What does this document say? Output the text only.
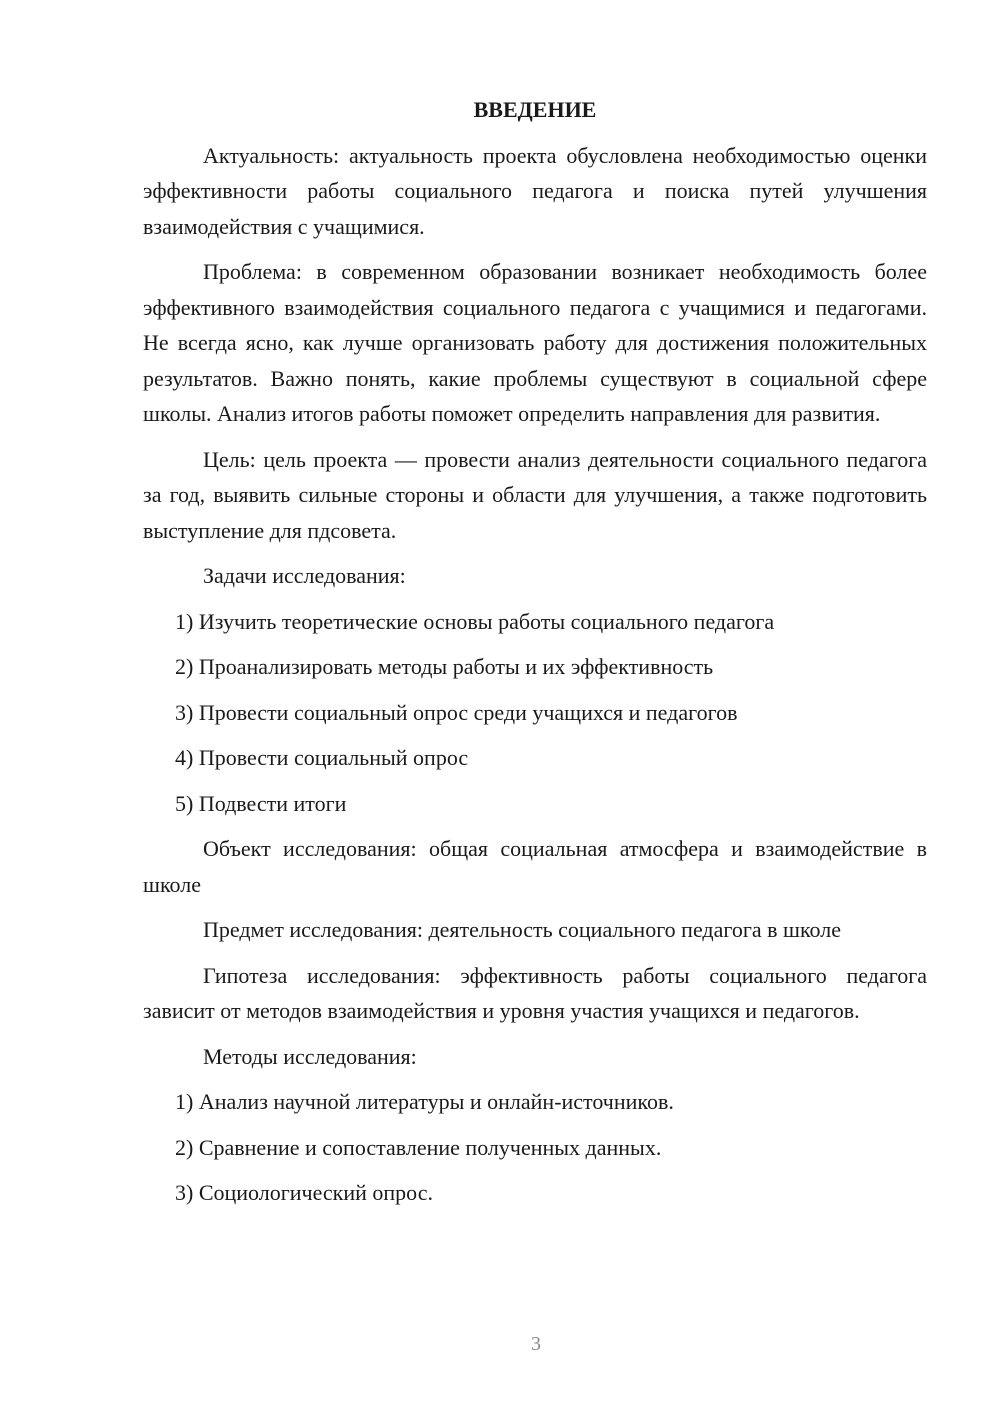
ВВЕДЕНИЕ

Актуальность: актуальность проекта обусловлена необходимостью оценки эффективности работы социального педагога и поиска путей улучшения взаимодействия с учащимися.

Проблема: в современном образовании возникает необходимость более эффективного взаимодействия социального педагога с учащимися и педагогами. Не всегда ясно, как лучше организовать работу для достижения положительных результатов. Важно понять, какие проблемы существуют в социальной сфере школы. Анализ итогов работы поможет определить направления для развития.

Цель: цель проекта — провести анализ деятельности социального педагога за год, выявить сильные стороны и области для улучшения, а также подготовить выступление для пдсовета.

Задачи исследования:

1) Изучить теоретические основы работы социального педагога
2) Проанализировать методы работы и их эффективность
3) Провести социальный опрос среди учащихся и педагогов
4) Провести социальный опрос
5) Подвести итоги

Объект исследования: общая социальная атмосфера и взаимодействие в школе

Предмет исследования: деятельность социального педагога в школе

Гипотеза исследования: эффективность работы социального педагога зависит от методов взаимодействия и уровня участия учащихся и педагогов.

Методы исследования:

1) Анализ научной литературы и онлайн-источников.
2) Сравнение и сопоставление полученных данных.
3) Социологический опрос.
3
